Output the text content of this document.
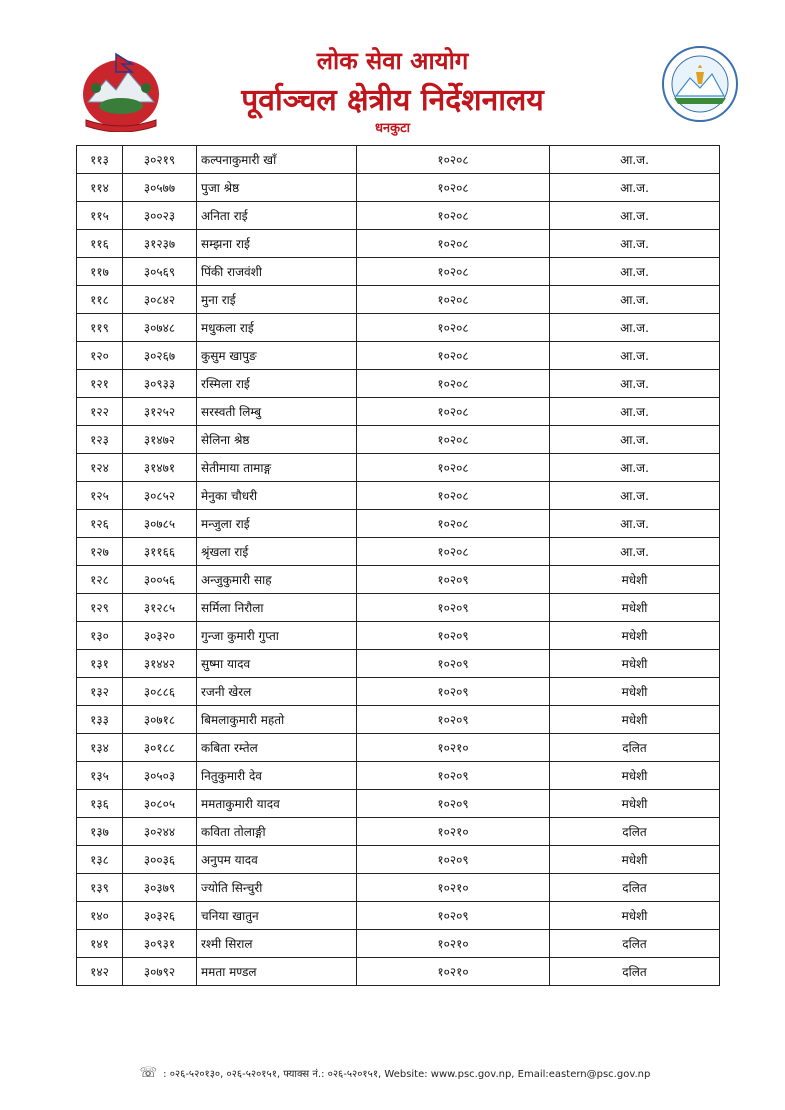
लोक सेवा आयोग
पूर्वाञ्चल क्षेत्रीय निर्देशनालय
धनकुटा
११३	३०२१९	कल्पनाकुमारी खाँ	१०२०८	आ.ज.
११४	३०५७७	पुजा श्रेष्ठ	१०२०८	आ.ज.
११५	३००२३	अनिता राई	१०२०८	आ.ज.
११६	३१२३७	सम्झना राई	१०२०८	आ.ज.
११७	३०५६९	पिंकी राजवंशी	१०२०८	आ.ज.
११८	३०८४२	मुना राई	१०२०८	आ.ज.
११९	३०७४८	मधुकला राई	१०२०८	आ.ज.
१२०	३०२६७	कुसुम खापुङ	१०२०८	आ.ज.
१२१	३०९३३	रस्मिला राई	१०२०८	आ.ज.
१२२	३१२५२	सरस्वती लिम्बु	१०२०८	आ.ज.
१२३	३१४७२	सेलिना श्रेष्ठ	१०२०८	आ.ज.
१२४	३१४७१	सेतीमाया तामाङ्ग	१०२०८	आ.ज.
१२५	३०८५२	मेनुका चौधरी	१०२०८	आ.ज.
१२६	३०७८५	मन्जुला राई	१०२०८	आ.ज.
१२७	३११६६	श्रृंखला राई	१०२०८	आ.ज.
१२८	३००५६	अन्जुकुमारी साह	१०२०९	मधेशी
१२९	३१२८५	सर्मिला निरौला	१०२०९	मधेशी
१३०	३०३२०	गुन्जा कुमारी गुप्ता	१०२०९	मधेशी
१३१	३१४४२	सुष्मा यादव	१०२०९	मधेशी
१३२	३०८८६	रजनी खेरल	१०२०९	मधेशी
१३३	३०७१८	बिमलाकुमारी महतो	१०२०९	मधेशी
१३४	३०१८८	कबिता रम्तेल	१०२१०	दलित
१३५	३०५०३	नितुकुमारी देव	१०२०९	मधेशी
१३६	३०८०५	ममताकुमारी यादव	१०२०९	मधेशी
१३७	३०२४४	कविता तोलाङ्गी	१०२१०	दलित
१३८	३००३६	अनुपम यादव	१०२०९	मधेशी
१३९	३०३७९	ज्योति सिन्चुरी	१०२१०	दलित
१४०	३०३२६	चनिया खातुन	१०२०९	मधेशी
१४१	३०९३१	रश्मी सिराल	१०२१०	दलित
१४२	३०७९२	ममता मण्डल	१०२१०	दलित
☏ : ०२६-५२०१३०, ०२६-५२०१५१, फ्याक्स नं.: ०२६-५२०१५१, Website: www.psc.gov.np, Email:eastern@psc.gov.np
